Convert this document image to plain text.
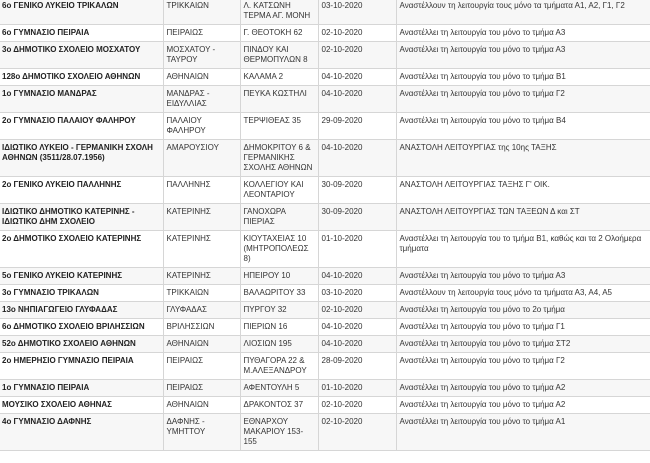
6ο ΓΕΝΙΚΟ ΛΥΚΕΙΟ ΤΡΙΚΑΛΩΝ	ΤΡΙΚΚΑΙΩΝ	Λ. ΚΑΤΣΩΝΗ ΤΕΡΜΑ ΑΓ. ΜΟΝΗ	03-10-2020	Αναστέλλουν τη λειτουργία τους μόνο τα τμήματα Α1, Α2, Γ1, Γ2
6ο ΓΥΜΝΑΣΙΟ ΠΕΙΡΑΙΑ	ΠΕΙΡΑΙΩΣ	Γ. ΘΕΟΤΟΚΗ 62	02-10-2020	Αναστέλλει τη λειτουργία του μόνο το τμήμα Α3
3ο ΔΗΜΟΤΙΚΟ ΣΧΟΛΕΙΟ ΜΟΣΧΑΤΟΥ	ΜΟΣΧΑΤΟΥ - ΤΑΥΡΟΥ	ΠΙΝΔΟΥ ΚΑΙ ΘΕΡΜΟΠΥΛΩΝ 8	02-10-2020	Αναστέλλει τη λειτουργία του μόνο το τμήμα Α3
128ο ΔΗΜΟΤΙΚΟ ΣΧΟΛΕΙΟ ΑΘΗΝΩΝ	ΑΘΗΝΑΙΩΝ	ΚΑΛΑΜΑ 2	04-10-2020	Αναστέλλει τη λειτουργία του μόνο το τμήμα Β1
1ο ΓΥΜΝΑΣΙΟ ΜΑΝΔΡΑΣ	ΜΑΝΔΡΑΣ - ΕΙΔΥΛΛΙΑΣ	ΠΕΥΚΑ ΚΩΣΤΗΛΙ	04-10-2020	Αναστέλλει τη λειτουργία του μόνο το τμήμα Γ2
2ο ΓΥΜΝΑΣΙΟ ΠΑΛΑΙΟΥ ΦΑΛΗΡΟΥ	ΠΑΛΑΙΟΥ ΦΑΛΗΡΟΥ	ΤΕΡΨΙΘΕΑΣ 35	29-09-2020	Αναστέλλει τη λειτουργία του μόνο το τμήμα Β4
ΙΔΙΩΤΙΚΟ ΛΥΚΕΙΟ - ΓΕΡΜΑΝΙΚΗ ΣΧΟΛΗ ΑΘΗΝΩΝ (3511/28.07.1956)	ΑΜΑΡΟΥΣΙΟΥ	ΔΗΜΟΚΡΙΤΟΥ 6 & ΓΕΡΜΑΝΙΚΗΣ ΣΧΟΛΗΣ ΑΘΗΝΩΝ	04-10-2020	ΑΝΑΣΤΟΛΗ ΛΕΙΤΟΥΡΓΙΑΣ της 10ης ΤΑΞΗΣ
2ο ΓΕΝΙΚΟ ΛΥΚΕΙΟ ΠΑΛΛΗΝΗΣ	ΠΑΛΛΗΝΗΣ	ΚΟΛΛΕΓΙΟΥ ΚΑΙ ΛΕΟΝΤΑΡΙΟΥ	30-09-2020	ΑΝΑΣΤΟΛΗ ΛΕΙΤΟΥΡΓΙΑΣ ΤΑΞΗΣ Γ' ΟΙΚ.
ΙΔΙΩΤΙΚΟ ΔΗΜΟΤΙΚΟ ΚΑΤΕΡΙΝΗΣ - ΙΔΙΩΤΙΚΟ ΔΗΜ ΣΧΟΛΕΙΟ	ΚΑΤΕΡΙΝΗΣ	ΓΑΝΟΧΩΡΑ ΠΙΕΡΙΑΣ	30-09-2020	ΑΝΑΣΤΟΛΗ ΛΕΙΤΟΥΡΓΙΑΣ ΤΩΝ ΤΑΞΕΩΝ Δ και ΣΤ
2ο ΔΗΜΟΤΙΚΟ ΣΧΟΛΕΙΟ ΚΑΤΕΡΙΝΗΣ	ΚΑΤΕΡΙΝΗΣ	ΚΙΟΥΤΑΧΕΙΑΣ 10 (ΜΗΤΡΟΠΟΛΕΩΣ 8)	01-10-2020	Αναστέλλει τη λειτουργία του το τμήμα Β1, καθώς και τα 2 Ολοήμερα τμήματα
5ο ΓΕΝΙΚΟ ΛΥΚΕΙΟ ΚΑΤΕΡΙΝΗΣ	ΚΑΤΕΡΙΝΗΣ	ΗΠΕΙΡΟΥ 10	04-10-2020	Αναστέλλει τη λειτουργία του μόνο το τμήμα Α3
3ο ΓΥΜΝΑΣΙΟ ΤΡΙΚΑΛΩΝ	ΤΡΙΚΚΑΙΩΝ	ΒΑΛΑΩΡΙΤΟΥ 33	03-10-2020	Αναστέλλουν τη λειτουργία τους μόνο τα τμήματα Α3, Α4, Α5
13ο ΝΗΠΙΑΓΩΓΕΙΟ ΓΛΥΦΑΔΑΣ	ΓΛΥΦΑΔΑΣ	ΠΥΡΓΟΥ 32	02-10-2020	Αναστέλλει τη λειτουργία του μόνο το 2ο τμήμα
6ο ΔΗΜΟΤΙΚΟ ΣΧΟΛΕΙΟ ΒΡΙΛΗΣΣΙΩΝ	ΒΡΙΛΗΣΣΙΩΝ	ΠΙΕΡΙΩΝ 16	04-10-2020	Αναστέλλει τη λειτουργία του μόνο το τμήμα Γ1
52ο ΔΗΜΟΤΙΚΟ ΣΧΟΛΕΙΟ ΑΘΗΝΩΝ	ΑΘΗΝΑΙΩΝ	ΛΙΟΣΙΩΝ 195	04-10-2020	Αναστέλλει τη λειτουργία του μόνο το τμήμα ΣΤ2
2ο ΗΜΕΡΗΣΙΟ ΓΥΜΝΑΣΙΟ ΠΕΙΡΑΙΑ	ΠΕΙΡΑΙΩΣ	ΠΥΘΑΓΟΡΑ 22 & Μ.ΑΛΕΞΑΝΔΡΟΥ	28-09-2020	Αναστέλλει τη λειτουργία του μόνο το τμήμα Γ2
1ο ΓΥΜΝΑΣΙΟ ΠΕΙΡΑΙΑ	ΠΕΙΡΑΙΩΣ	ΑΦΕΝΤΟΥΛΗ 5	01-10-2020	Αναστέλλει τη λειτουργία του μόνο το τμήμα Α2
ΜΟΥΣΙΚΟ ΣΧΟΛΕΙΟ ΑΘΗΝΑΣ	ΑΘΗΝΑΙΩΝ	ΔΡΑΚΟΝΤΟΣ 37	02-10-2020	Αναστέλλει τη λειτουργία του μόνο το τμήμα Α2
4ο ΓΥΜΝΑΣΙΟ ΔΑΦΝΗΣ	ΔΑΦΝΗΣ - ΥΜΗΤΤΟΥ	ΕΘΝΑΡΧΟΥ ΜΑΚΑΡΙΟΥ 153-155	02-10-2020	Αναστέλλει τη λειτουργία του μόνο το τμήμα Α1
